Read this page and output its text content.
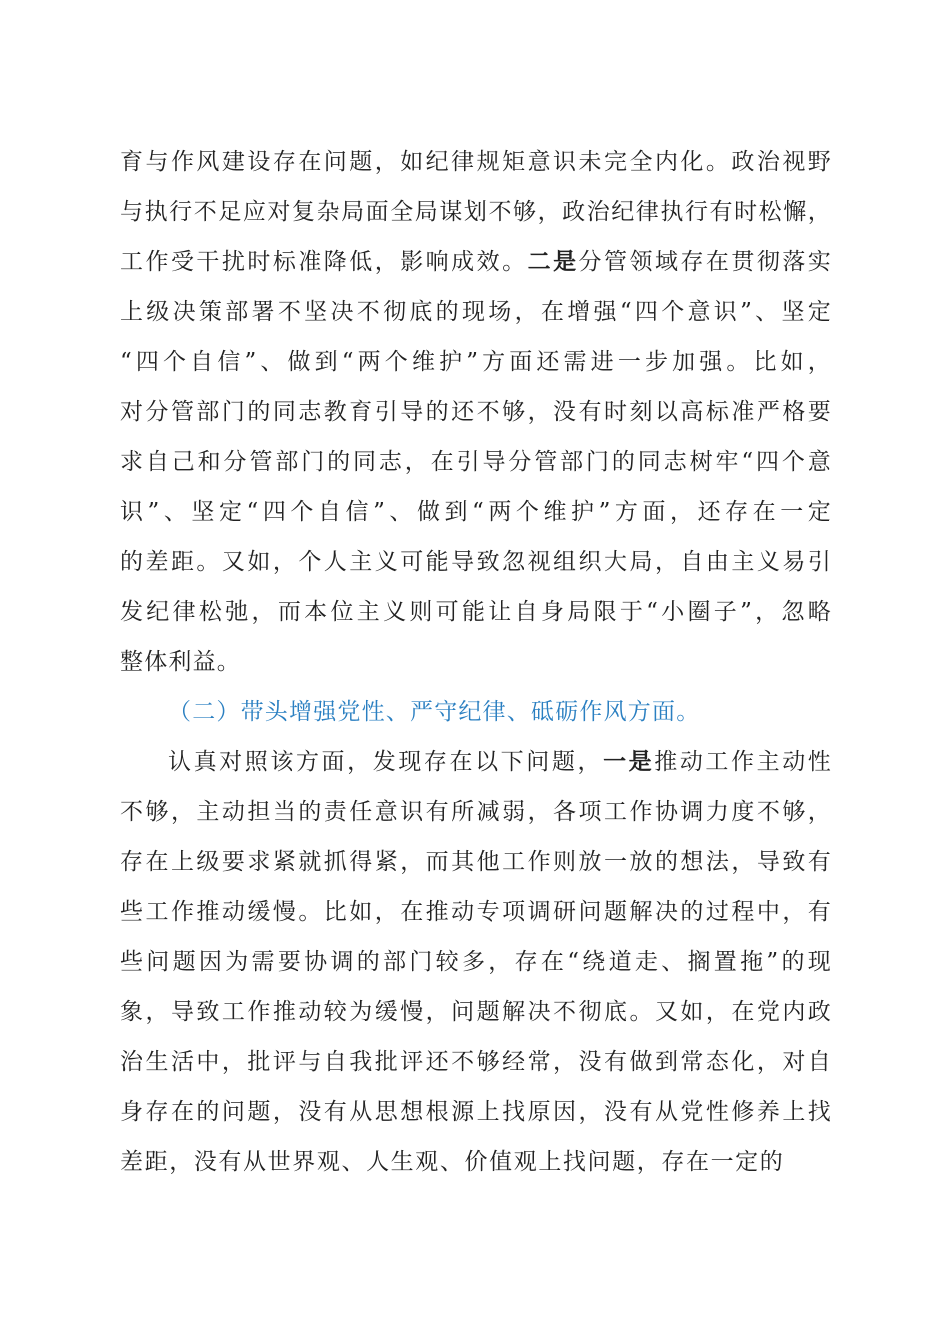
育与作风建设存在问题，如纪律规矩意识未完全内化。政治视野
与执行不足应对复杂局面全局谋划不够，政治纪律执行有时松懈，
工作受干扰时标准降低，影响成效。二是分管领域存在贯彻落实
上级决策部署不坚决不彻底的现场，在增强“四个意识”、坚定
“四个自信”、做到“两个维护”方面还需进一步加强。比如，
对分管部门的同志教育引导的还不够，没有时刻以高标准严格要
求自己和分管部门的同志，在引导分管部门的同志树牢“四个意
识”、坚定“四个自信”、做到“两个维护”方面，还存在一定
的差距。又如，个人主义可能导致忽视组织大局，自由主义易引
发纪律松弛，而本位主义则可能让自身局限于“小圈子”，忽略
整体利益。
（二）带头增强党性、严守纪律、砥砺作风方面。
认真对照该方面，发现存在以下问题，一是推动工作主动性
不够，主动担当的责任意识有所减弱，各项工作协调力度不够，
存在上级要求紧就抓得紧，而其他工作则放一放的想法，导致有
些工作推动缓慢。比如，在推动专项调研问题解决的过程中，有
些问题因为需要协调的部门较多，存在“绕道走、搁置拖”的现
象，导致工作推动较为缓慢，问题解决不彻底。又如，在党内政
治生活中，批评与自我批评还不够经常，没有做到常态化，对自
身存在的问题，没有从思想根源上找原因，没有从党性修养上找
差距，没有从世界观、人生观、价值观上找问题，存在一定的
